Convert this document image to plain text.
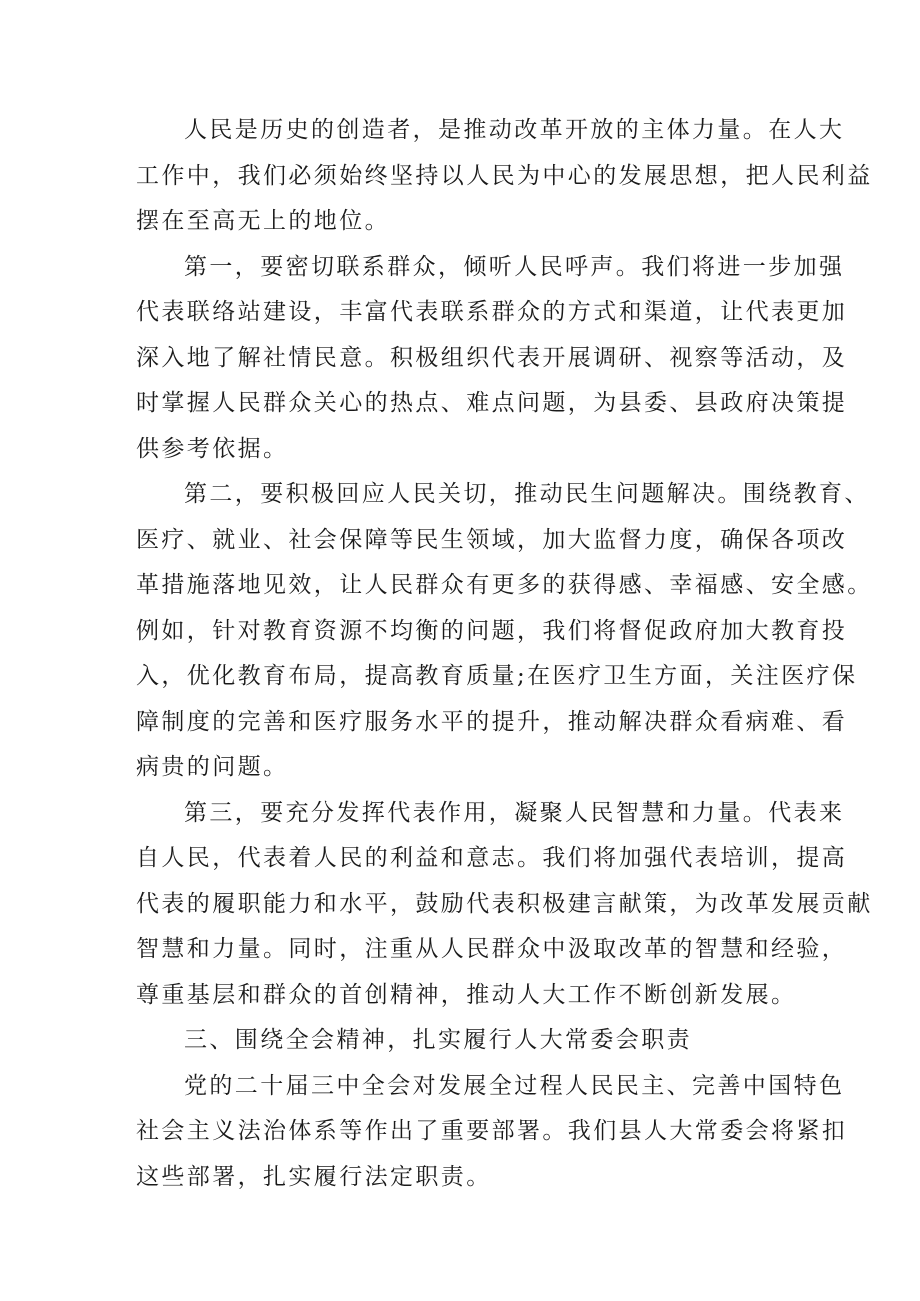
人民是历史的创造者，是推动改革开放的主体力量。在人大
工作中，我们必须始终坚持以人民为中心的发展思想，把人民利益
摆在至高无上的地位。
第一，要密切联系群众，倾听人民呼声。我们将进一步加强
代表联络站建设，丰富代表联系群众的方式和渠道，让代表更加
深入地了解社情民意。积极组织代表开展调研、视察等活动，及
时掌握人民群众关心的热点、难点问题，为县委、县政府决策提
供参考依据。
第二，要积极回应人民关切，推动民生问题解决。围绕教育、
医疗、就业、社会保障等民生领域，加大监督力度，确保各项改
革措施落地见效，让人民群众有更多的获得感、幸福感、安全感。
例如，针对教育资源不均衡的问题，我们将督促政府加大教育投
入，优化教育布局，提高教育质量;在医疗卫生方面，关注医疗保
障制度的完善和医疗服务水平的提升，推动解决群众看病难、看
病贵的问题。
第三，要充分发挥代表作用，凝聚人民智慧和力量。代表来
自人民，代表着人民的利益和意志。我们将加强代表培训，提高
代表的履职能力和水平，鼓励代表积极建言献策，为改革发展贡献
智慧和力量。同时，注重从人民群众中汲取改革的智慧和经验，
尊重基层和群众的首创精神，推动人大工作不断创新发展。
三、围绕全会精神，扎实履行人大常委会职责
党的二十届三中全会对发展全过程人民民主、完善中国特色
社会主义法治体系等作出了重要部署。我们县人大常委会将紧扣
这些部署，扎实履行法定职责。
